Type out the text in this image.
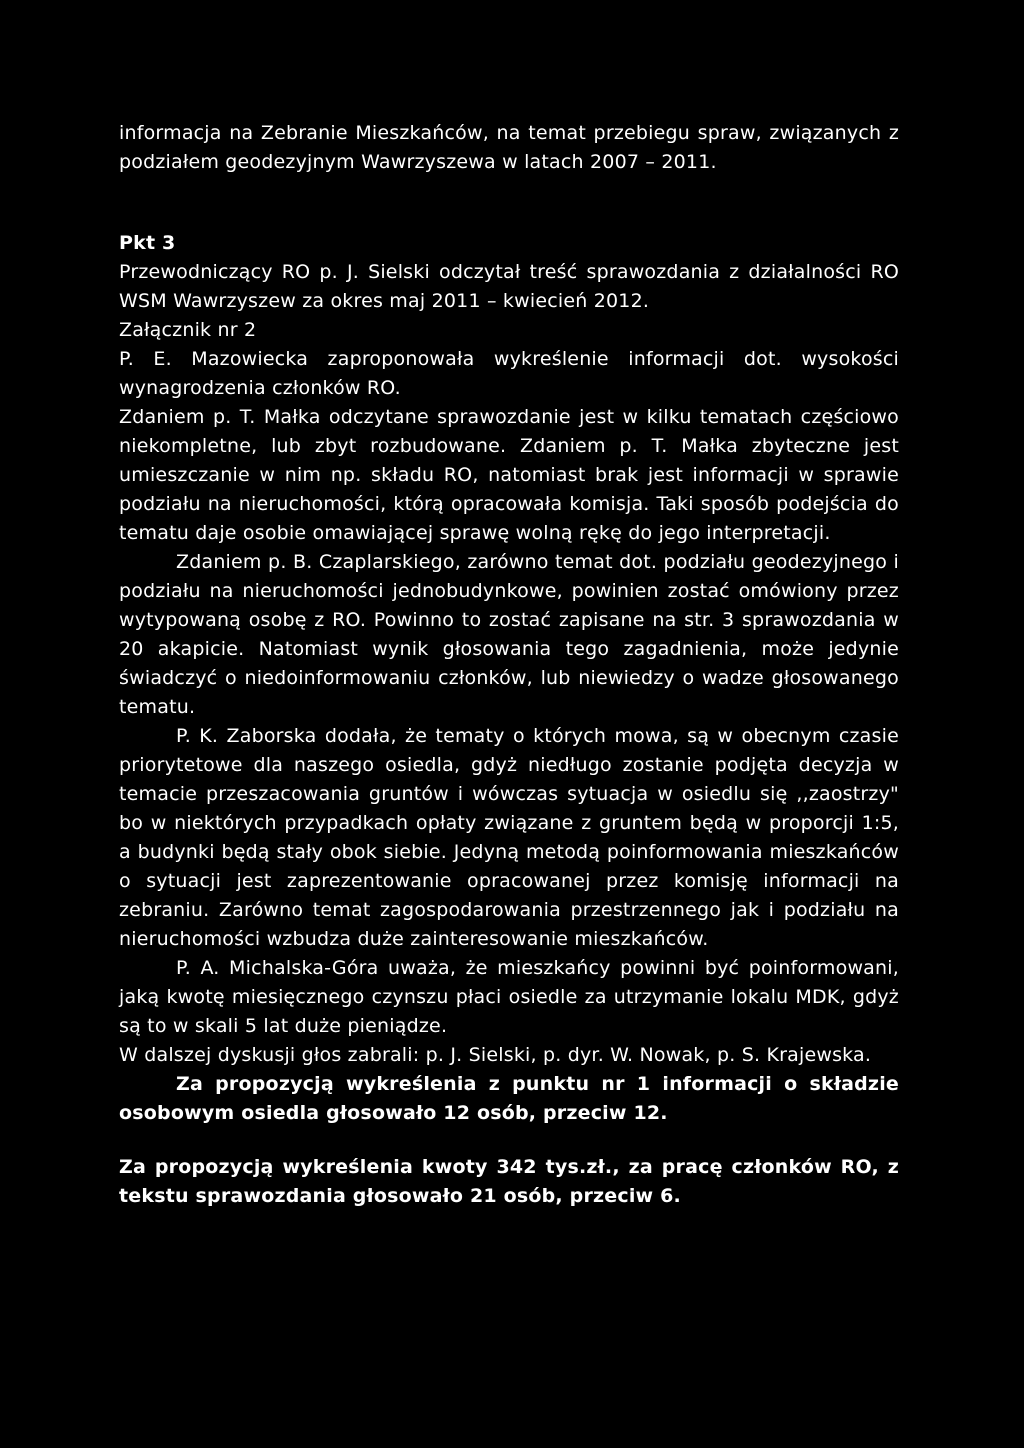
informacja na Zebranie Mieszkańców, na temat przebiegu spraw, związanych z podziałem geodezyjnym Wawrzyszewa w latach 2007 – 2011.

Pkt 3

Przewodniczący RO p. J. Sielski odczytał treść sprawozdania z działalności RO WSM Wawrzyszew za okres maj 2011 – kwiecień 2012.

Załącznik nr 2

P. E. Mazowiecka zaproponowała wykreślenie informacji dot. wysokości wynagrodzenia członków RO.

Zdaniem p. T. Małka odczytane sprawozdanie jest w kilku tematach częściowo niekompletne, lub zbyt rozbudowane. Zdaniem p. T. Małka zbyteczne jest umieszczanie w nim np. składu RO, natomiast brak jest informacji w sprawie podziału na nieruchomości, którą opracowała komisja. Taki sposób podejścia do tematu daje osobie omawiającej sprawę wolną rękę do jego interpretacji.

Zdaniem p. B. Czaplarskiego, zarówno temat dot. podziału geodezyjnego i podziału na nieruchomości jednobudynkowe, powinien zostać omówiony przez wytypowaną osobę z RO. Powinno to zostać zapisane na str. 3 sprawozdania w 20 akapicie. Natomiast wynik głosowania tego zagadnienia, może jedynie świadczyć o niedoinformowaniu członków, lub niewiedzy o wadze głosowanego tematu.

P. K. Zaborska dodała, że tematy o których mowa, są w obecnym czasie priorytetowe dla naszego osiedla, gdyż niedługo zostanie podjęta decyzja w temacie przeszacowania gruntów i wówczas sytuacja w osiedlu się ,,zaostrzy" bo w niektórych przypadkach opłaty związane z gruntem będą w proporcji 1:5, a budynki będą stały obok siebie. Jedyną metodą poinformowania mieszkańców o sytuacji jest zaprezentowanie opracowanej przez komisję informacji na zebraniu. Zarówno temat zagospodarowania przestrzennego jak i podziału na nieruchomości wzbudza duże zainteresowanie mieszkańców.

P. A. Michalska-Góra uważa, że mieszkańcy powinni być poinformowani, jaką kwotę miesięcznego czynszu płaci osiedle za utrzymanie lokalu MDK, gdyż są to w skali 5 lat duże pieniądze.

W dalszej dyskusji głos zabrali: p. J. Sielski, p. dyr. W. Nowak, p. S. Krajewska.

Za propozycją wykreślenia z punktu nr 1 informacji o składzie osobowym osiedla głosowało 12 osób, przeciw 12.

Za propozycją wykreślenia kwoty 342 tys.zł., za pracę członków RO, z tekstu sprawozdania głosowało 21 osób, przeciw 6.
